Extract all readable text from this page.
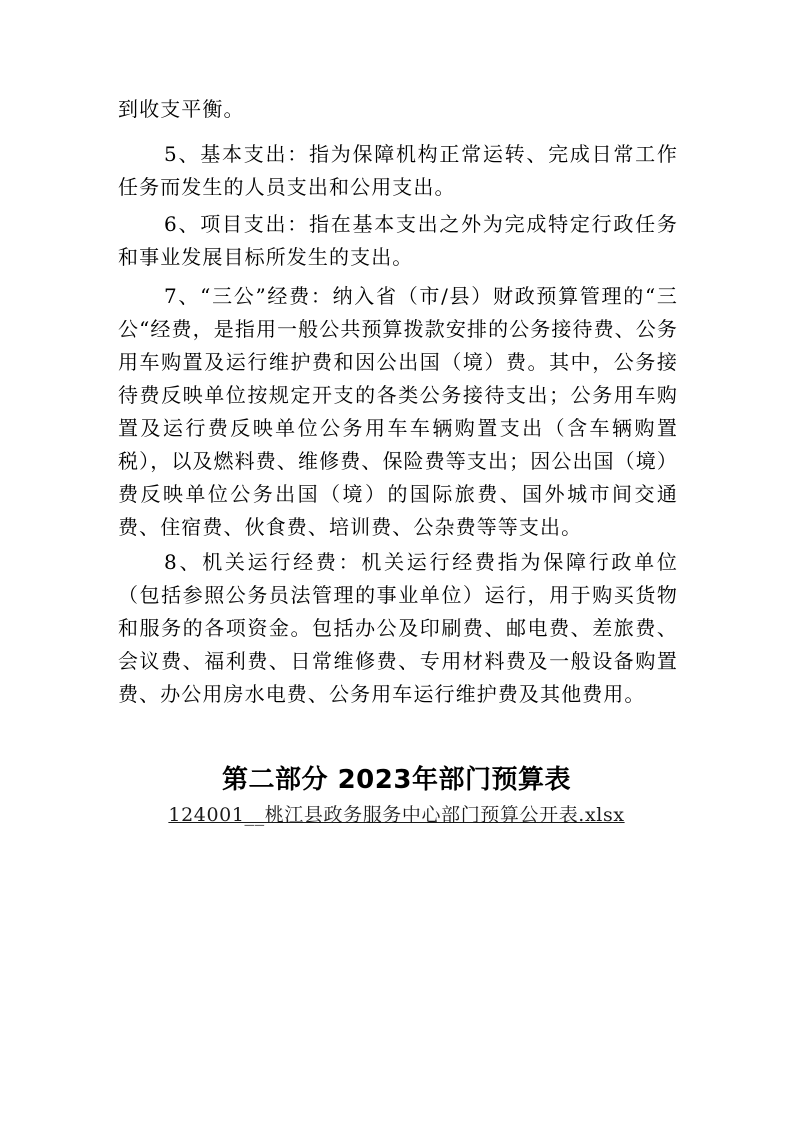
到收支平衡。

5、基本支出：指为保障机构正常运转、完成日常工作任务而发生的人员支出和公用支出。

6、项目支出：指在基本支出之外为完成特定行政任务和事业发展目标所发生的支出。

7、“三公”经费：纳入省（市/县）财政预算管理的“三公“经费，是指用一般公共预算拨款安排的公务接待费、公务用车购置及运行维护费和因公出国（境）费。其中，公务接待费反映单位按规定开支的各类公务接待支出；公务用车购置及运行费反映单位公务用车车辆购置支出（含车辆购置税），以及燃料费、维修费、保险费等支出；因公出国（境）费反映单位公务出国（境）的国际旅费、国外城市间交通费、住宿费、伙食费、培训费、公杂费等等支出。

8、机关运行经费：机关运行经费指为保障行政单位（包括参照公务员法管理的事业单位）运行，用于购买货物和服务的各项资金。包括办公及印刷费、邮电费、差旅费、会议费、福利费、日常维修费、专用材料费及一般设备购置费、办公用房水电费、公务用车运行维护费及其他费用。

第二部分 2023年部门预算表
124001__桃江县政务服务中心部门预算公开表.xlsx
